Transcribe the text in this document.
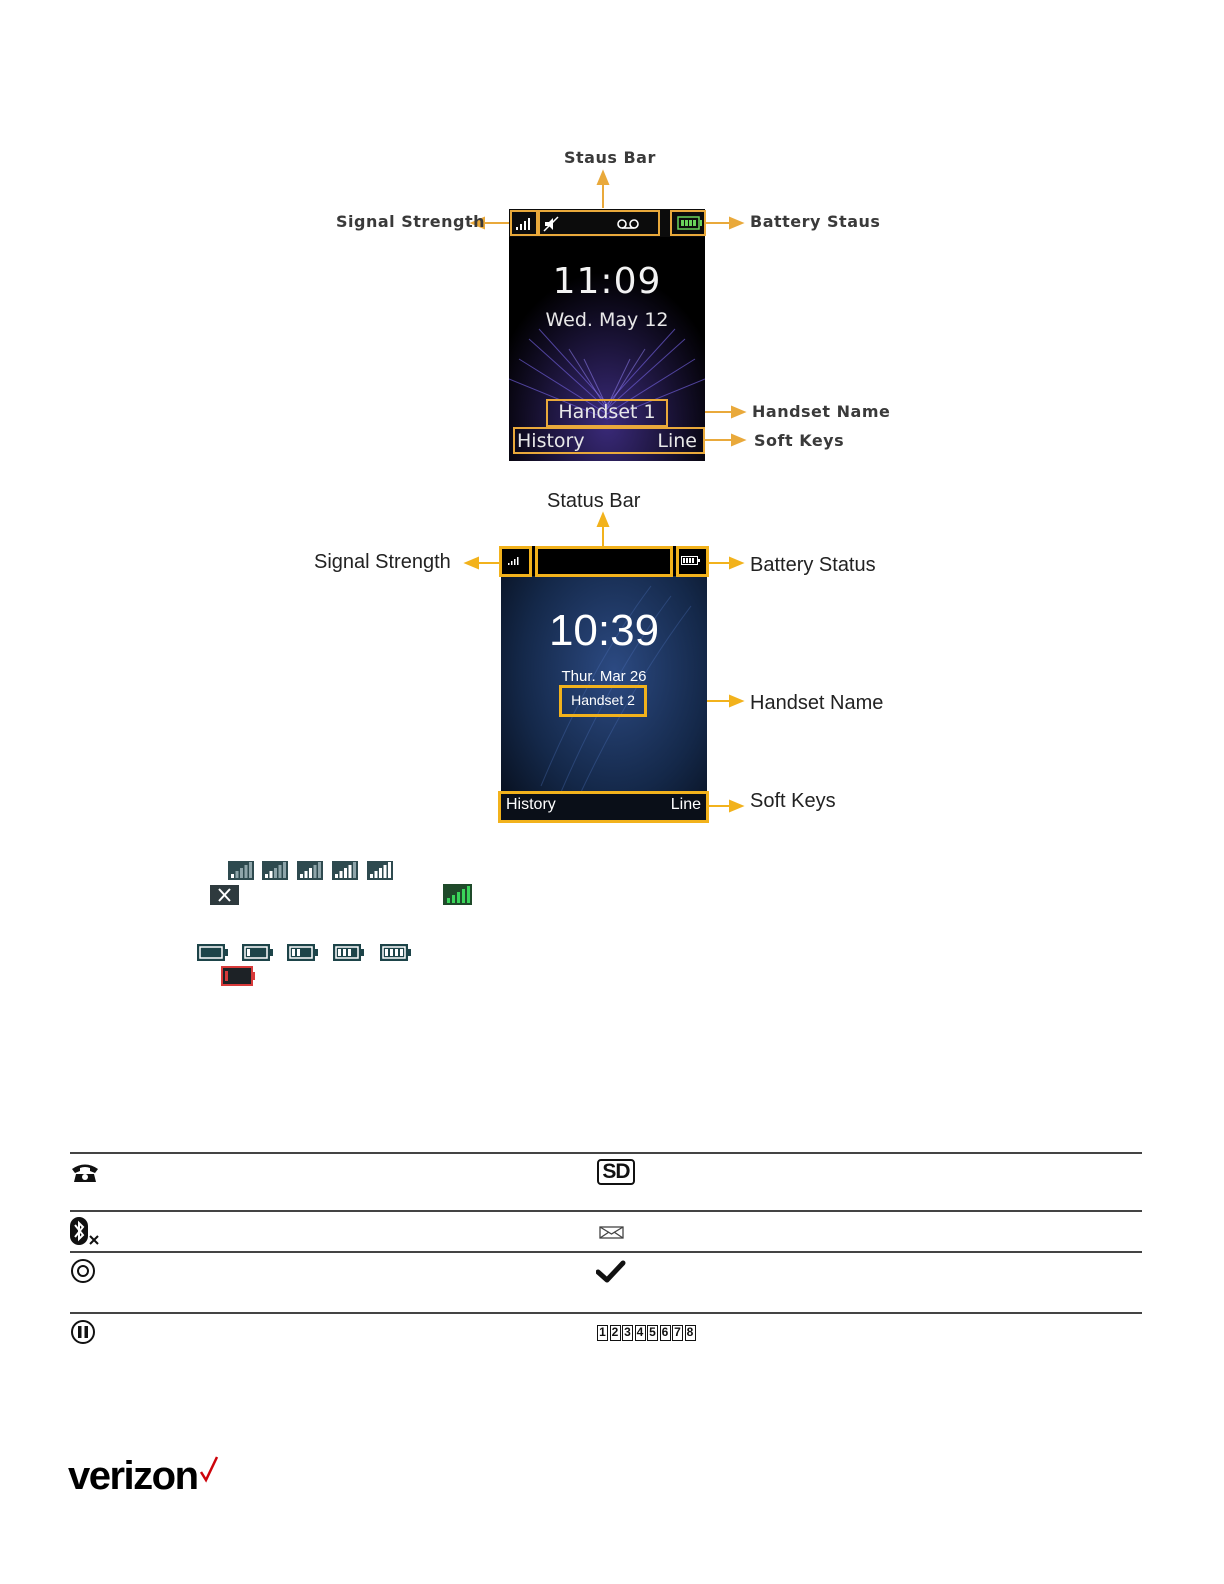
Staus Bar
Signal Strength	Battery Staus
Handset Name
Soft Keys
11:09
Wed. May 12
Handset 1
History	Line
Status Bar
Signal Strength	Battery Status
Handset Name
Soft Keys
10:39
Thur. Mar 26
Handset 2
History	Line
SD
1 2 3 4 5 6 7 8
verizon
